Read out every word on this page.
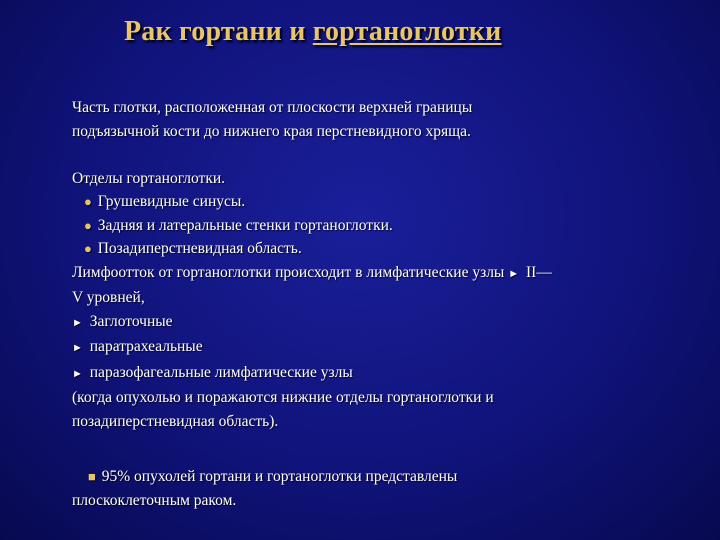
Рак гортани и гортаноглотки
Часть глотки, расположенная от плоскости верхней границы
подъязычной кости до нижнего края перстневидного хряща.
Отделы гортаноглотки.
● Грушевидные синусы.
● Задняя и латеральные стенки гортаноглотки.
● Позадиперстневидная область.
Лимфоотток от гортаноглотки происходит в лимфатические узлы ► II—
V уровней,
► Заглоточные
► паратрахеальные
► паразофагеальные лимфатические узлы
(когда опухолью и поражаются нижние отделы гортаноглотки и
позадиперстневидная область).
■ 95% опухолей гортани и гортаноглотки представлены
плоскоклеточным раком.
